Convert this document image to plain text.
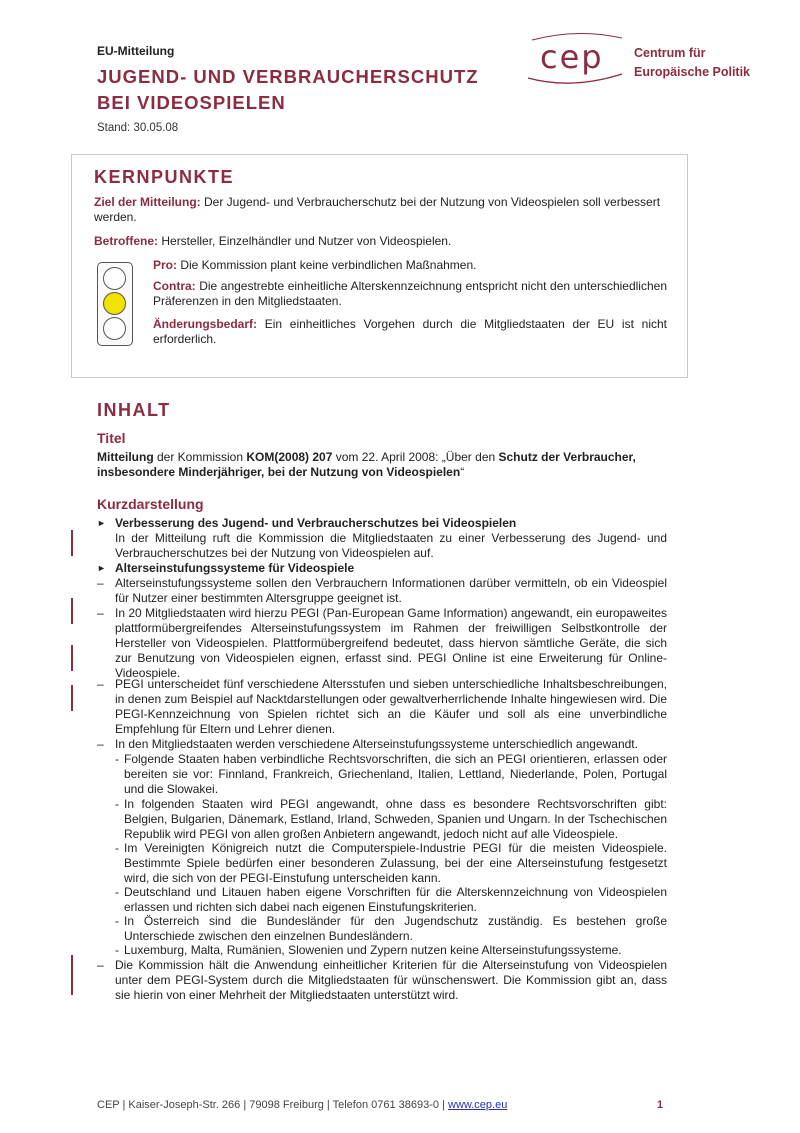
EU-Mitteilung
JUGEND- UND VERBRAUCHERSCHUTZ
BEI VIDEOSPIELEN
Stand: 30.05.08
cep Centrum für
Europäische Politik
KERNPUNKTE
Ziel der Mitteilung: Der Jugend- und Verbraucherschutz bei der Nutzung von Videospielen soll verbessert werden.
Betroffene: Hersteller, Einzelhändler und Nutzer von Videospielen.
Pro: Die Kommission plant keine verbindlichen Maßnahmen.
Contra: Die angestrebte einheitliche Alterskennzeichnung entspricht nicht den unterschiedlichen Präferenzen in den Mitgliedstaaten.
Änderungsbedarf: Ein einheitliches Vorgehen durch die Mitgliedstaaten der EU ist nicht erforderlich.
INHALT
Titel
Mitteilung der Kommission KOM(2008) 207 vom 22. April 2008: „Über den Schutz der Verbraucher, insbesondere Minderjähriger, bei der Nutzung von Videospielen“
Kurzdarstellung
► Verbesserung des Jugend- und Verbraucherschutzes bei Videospielen
In der Mitteilung ruft die Kommission die Mitgliedstaaten zu einer Verbesserung des Jugend- und Verbraucherschutzes bei der Nutzung von Videospielen auf.
► Alterseinstufungssysteme für Videospiele
– Alterseinstufungssysteme sollen den Verbrauchern Informationen darüber vermitteln, ob ein Videospiel für Nutzer einer bestimmten Altersgruppe geeignet ist.
– In 20 Mitgliedstaaten wird hierzu PEGI (Pan-European Game Information) angewandt, ein europaweites plattformübergreifendes Alterseinstufungssystem im Rahmen der freiwilligen Selbstkontrolle der Hersteller von Videospielen. Plattformübergreifend bedeutet, dass hiervon sämtliche Geräte, die sich zur Benutzung von Videospielen eignen, erfasst sind. PEGI Online ist eine Erweiterung für Online-Videospiele.
– PEGI unterscheidet fünf verschiedene Altersstufen und sieben unterschiedliche Inhaltsbeschreibungen, in denen zum Beispiel auf Nacktdarstellungen oder gewaltverherrlichende Inhalte hingewiesen wird. Die PEGI-Kennzeichnung von Spielen richtet sich an die Käufer und soll als eine unverbindliche Empfehlung für Eltern und Lehrer dienen.
– In den Mitgliedstaaten werden verschiedene Alterseinstufungssysteme unterschiedlich angewandt.
- Folgende Staaten haben verbindliche Rechtsvorschriften, die sich an PEGI orientieren, erlassen oder bereiten sie vor: Finnland, Frankreich, Griechenland, Italien, Lettland, Niederlande, Polen, Portugal und die Slowakei.
- In folgenden Staaten wird PEGI angewandt, ohne dass es besondere Rechtsvorschriften gibt: Belgien, Bulgarien, Dänemark, Estland, Irland, Schweden, Spanien und Ungarn. In der Tschechischen Republik wird PEGI von allen großen Anbietern angewandt, jedoch nicht auf alle Videospiele.
- Im Vereinigten Königreich nutzt die Computerspiele-Industrie PEGI für die meisten Videospiele. Bestimmte Spiele bedürfen einer besonderen Zulassung, bei der eine Alterseinstufung festgesetzt wird, die sich von der PEGI-Einstufung unterscheiden kann.
- Deutschland und Litauen haben eigene Vorschriften für die Alterskennzeichnung von Videospielen erlassen und richten sich dabei nach eigenen Einstufungskriterien.
- In Österreich sind die Bundesländer für den Jugendschutz zuständig. Es bestehen große Unterschiede zwischen den einzelnen Bundesländern.
- Luxemburg, Malta, Rumänien, Slowenien und Zypern nutzen keine Alterseinstufungssysteme.
– Die Kommission hält die Anwendung einheitlicher Kriterien für die Alterseinstufung von Videospielen unter dem PEGI-System durch die Mitgliedstaaten für wünschenswert. Die Kommission gibt an, dass sie hierin von einer Mehrheit der Mitgliedstaaten unterstützt wird.
CEP | Kaiser-Joseph-Str. 266 | 79098 Freiburg | Telefon 0761 38693-0 | www.cep.eu	1
